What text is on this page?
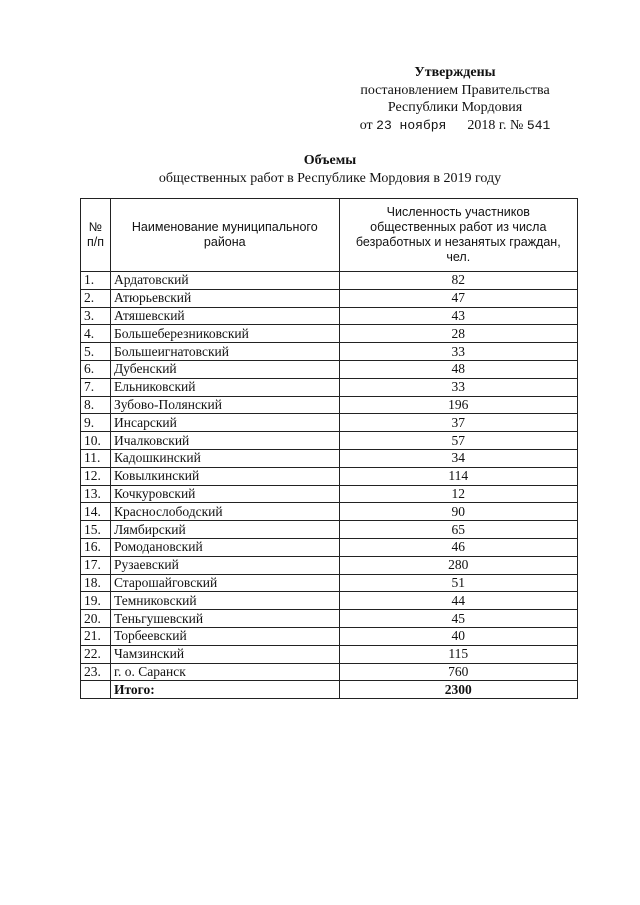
Утверждены
постановлением Правительства
Республики Мордовия
от 23 ноября 2018 г. № 541
Объемы
общественных работ в Республике Мордовия в 2019 году
№ п/п	Наименование муниципального района	Численность участников общественных работ из числа безработных и незанятых граждан, чел.
1.	Ардатовский	82
2.	Атюрьевский	47
3.	Атяшевский	43
4.	Большеберезниковский	28
5.	Большеигнатовский	33
6.	Дубенский	48
7.	Ельниковский	33
8.	Зубово-Полянский	196
9.	Инсарский	37
10.	Ичалковский	57
11.	Кадошкинский	34
12.	Ковылкинский	114
13.	Кочкуровский	12
14.	Краснослободский	90
15.	Лямбирский	65
16.	Ромодановский	46
17.	Рузаевский	280
18.	Старошайговский	51
19.	Темниковский	44
20.	Теньгушевский	45
21.	Торбеевский	40
22.	Чамзинский	115
23.	г. о. Саранск	760
	Итого:	2300
